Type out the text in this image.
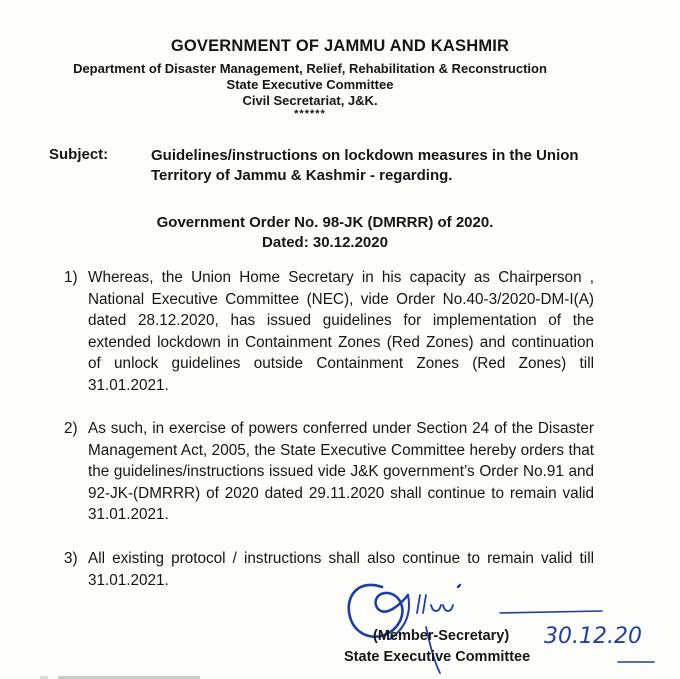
GOVERNMENT OF JAMMU AND KASHMIR
Department of Disaster Management, Relief, Rehabilitation & Reconstruction
State Executive Committee
Civil Secretariat, J&K.
******
Subject:	Guidelines/instructions on lockdown measures in the Union Territory of Jammu & Kashmir - regarding.
Government Order No. 98-JK (DMRRR) of 2020.
Dated: 30.12.2020
1) Whereas, the Union Home Secretary in his capacity as Chairperson , National Executive Committee (NEC), vide Order No.40-3/2020-DM-I(A) dated 28.12.2020, has issued guidelines for implementation of the extended lockdown in Containment Zones (Red Zones) and continuation of unlock guidelines outside Containment Zones (Red Zones) till 31.01.2021.
2) As such, in exercise of powers conferred under Section 24 of the Disaster Management Act, 2005, the State Executive Committee hereby orders that the guidelines/instructions issued vide J&K government’s Order No.91 and 92-JK-(DMRRR) of 2020 dated 29.11.2020 shall continue to remain valid 31.01.2021.
3) All existing protocol / instructions shall also continue to remain valid till 31.01.2021.
(Member-Secretary)
State Executive Committee
30.12.20
